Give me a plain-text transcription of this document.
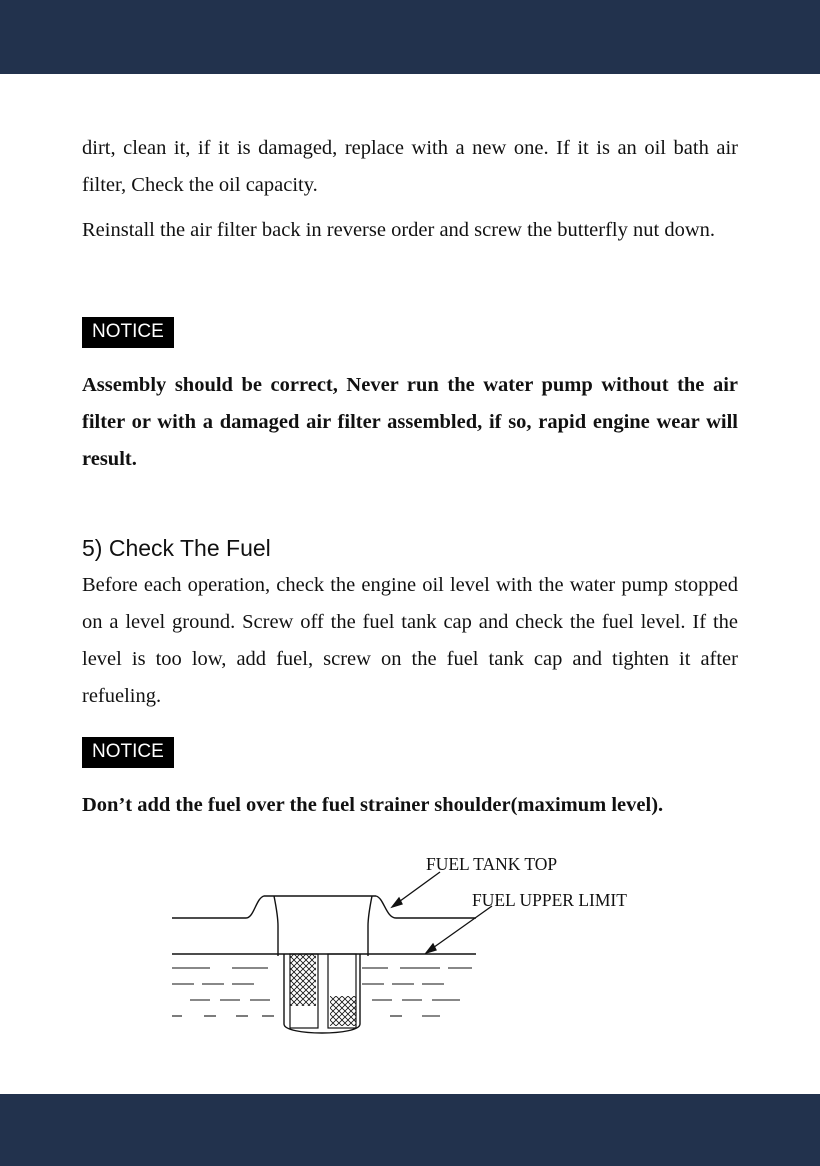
dirt, clean it, if it is damaged, replace with a new one. If it is an oil bath air filter, Check the oil capacity.

Reinstall the air filter back in reverse order and screw the butterfly nut down.

NOTICE

Assembly should be correct, Never run the water pump without the air filter or with a damaged air filter assembled, if so, rapid engine wear will result.

5) Check The Fuel

Before each operation, check the engine oil level with the water pump stopped on a level ground. Screw off the fuel tank cap and check the fuel level. If the level is too low, add fuel, screw on the fuel tank cap and tighten it after refueling.

NOTICE

Don’t add the fuel over the fuel strainer shoulder(maximum level).

FUEL TANK TOP
FUEL UPPER LIMIT
